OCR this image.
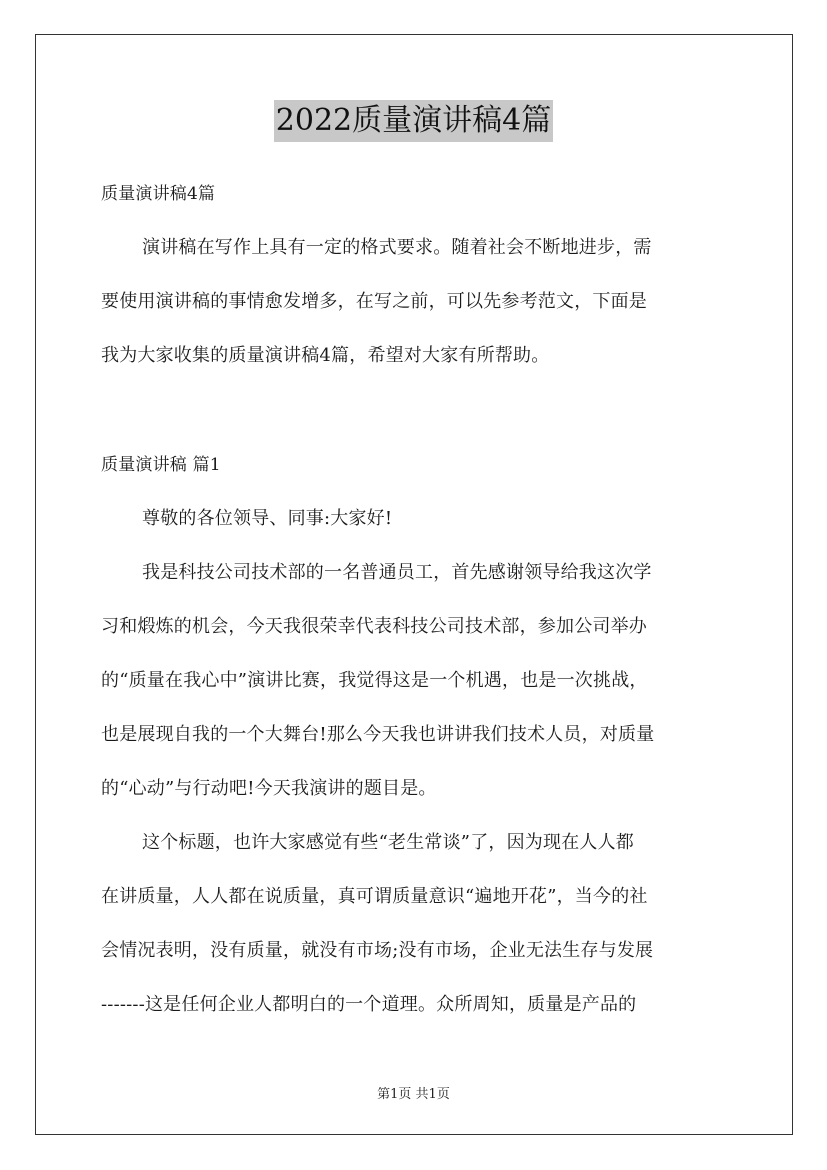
2022质量演讲稿4篇
质量演讲稿4篇
演讲稿在写作上具有一定的格式要求。随着社会不断地进步，需
要使用演讲稿的事情愈发增多，在写之前，可以先参考范文，下面是
我为大家收集的质量演讲稿4篇，希望对大家有所帮助。
质量演讲稿 篇1
尊敬的各位领导、同事:大家好!
我是科技公司技术部的一名普通员工，首先感谢领导给我这次学
习和煅炼的机会，今天我很荣幸代表科技公司技术部，参加公司举办
的“质量在我心中”演讲比赛，我觉得这是一个机遇，也是一次挑战，
也是展现自我的一个大舞台!那么今天我也讲讲我们技术人员，对质量
的“心动”与行动吧!今天我演讲的题目是。
这个标题，也许大家感觉有些“老生常谈”了，因为现在人人都
在讲质量，人人都在说质量，真可谓质量意识“遍地开花”，当今的社
会情况表明，没有质量，就没有市场;没有市场，企业无法生存与发展
-------这是任何企业人都明白的一个道理。众所周知，质量是产品的
第1页 共1页
